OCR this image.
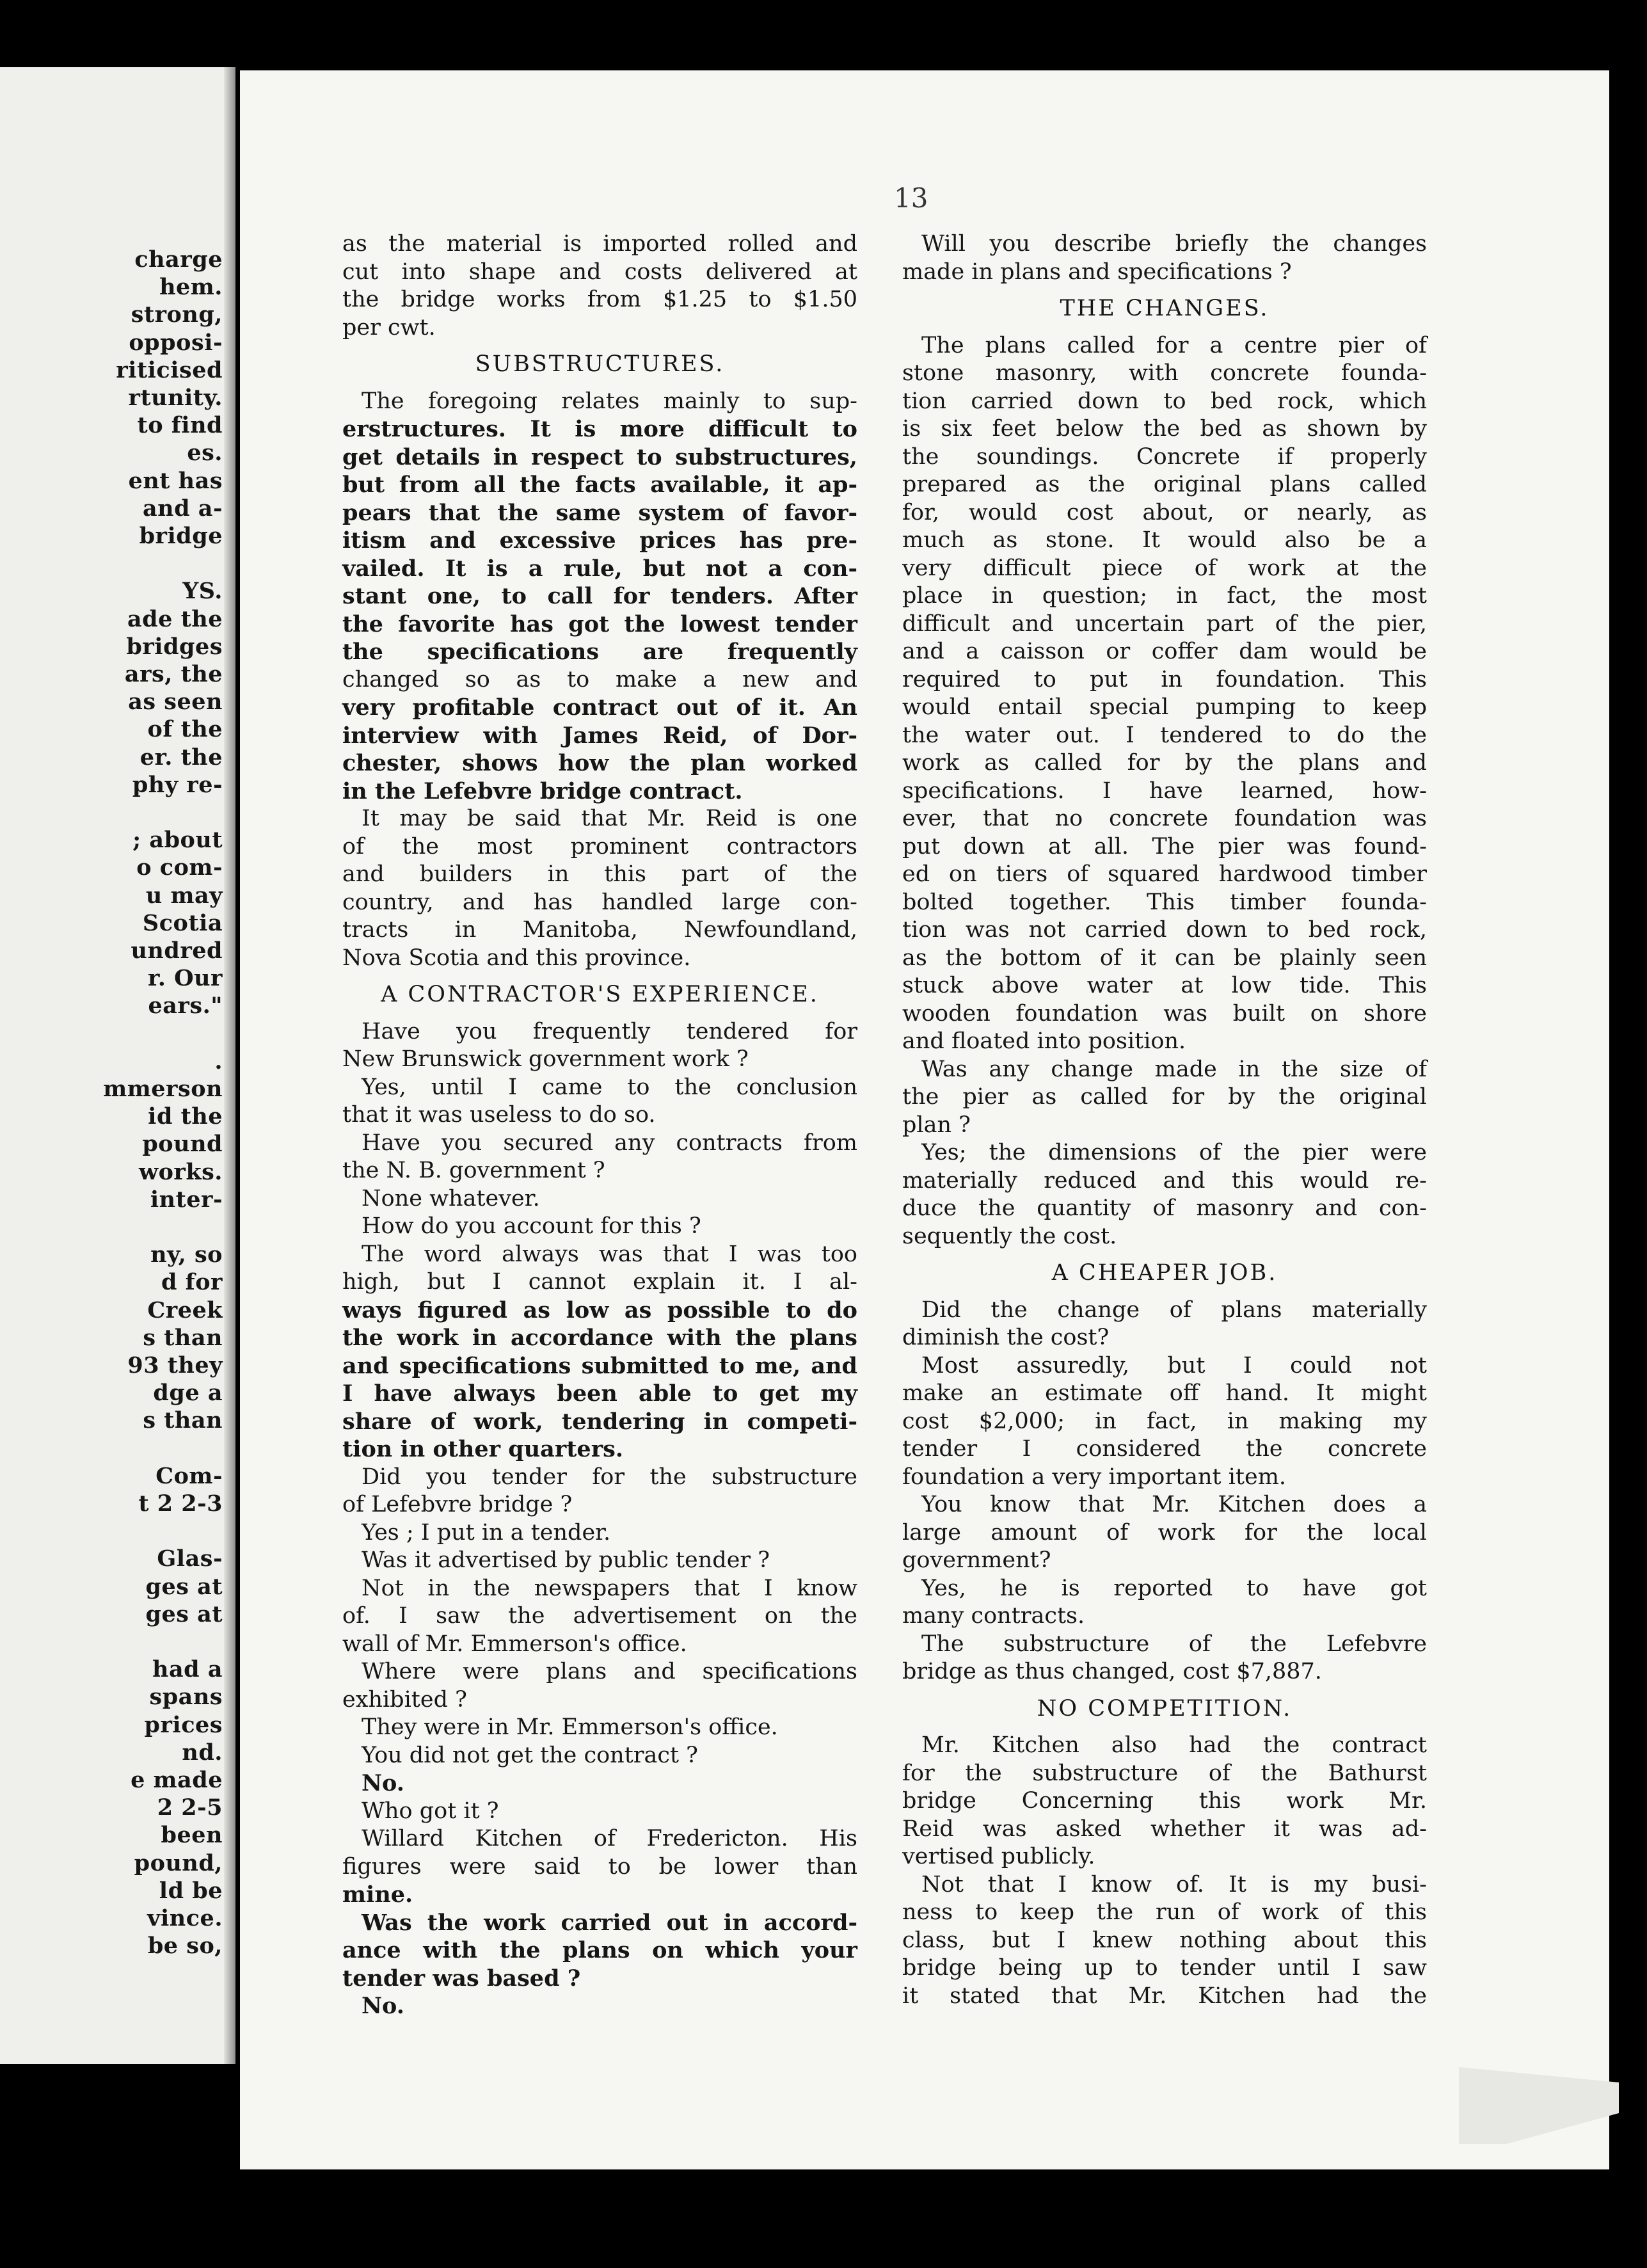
charge
hem.
strong,
opposi-
riticised
rtunity.
to find
es.
ent has
and a-
bridge
YS.
ade the
bridges
ars, the
as seen
of the
er. the
phy re-
; about
o com-
u may
Scotia
undred
r. Our
ears."
.
mmerson
id the
pound
works.
inter-
ny, so
d for
Creek
s than
93 they
dge a
s than
Com-
t 2 2-3
Glas-
ges at
ges at
had a
spans
prices
nd.
e made
2 2-5
been
pound,
ld be
vince.
be so,
13
as the material is imported rolled and
cut into shape and costs delivered at
the bridge works from $1.25 to $1.50
per cwt.
SUBSTRUCTURES.
The foregoing relates mainly to sup-
erstructures. It is more difficult to
get details in respect to substructures,
but from all the facts available, it ap-
pears that the same system of favor-
itism and excessive prices has pre-
vailed. It is a rule, but not a con-
stant one, to call for tenders. After
the favorite has got the lowest tender
the specifications are frequently
changed so as to make a new and
very profitable contract out of it. An
interview with James Reid, of Dor-
chester, shows how the plan worked
in the Lefebvre bridge contract.
It may be said that Mr. Reid is one
of the most prominent contractors
and builders in this part of the
country, and has handled large con-
tracts in Manitoba, Newfoundland,
Nova Scotia and this province.
A CONTRACTOR'S EXPERIENCE.
Have you frequently tendered for
New Brunswick government work ?
Yes, until I came to the conclusion
that it was useless to do so.
Have you secured any contracts from
the N. B. government ?
None whatever.
How do you account for this ?
The word always was that I was too
high, but I cannot explain it. I al-
ways figured as low as possible to do
the work in accordance with the plans
and specifications submitted to me, and
I have always been able to get my
share of work, tendering in competi-
tion in other quarters.
Did you tender for the substructure
of Lefebvre bridge ?
Yes ; I put in a tender.
Was it advertised by public tender ?
Not in the newspapers that I know
of. I saw the advertisement on the
wall of Mr. Emmerson's office.
Where were plans and specifications
exhibited ?
They were in Mr. Emmerson's office.
You did not get the contract ?
No.
Who got it ?
Willard Kitchen of Fredericton. His
figures were said to be lower than
mine.
Was the work carried out in accord-
ance with the plans on which your
tender was based ?
No.
Will you describe briefly the changes
made in plans and specifications ?
THE CHANGES.
The plans called for a centre pier of
stone masonry, with concrete founda-
tion carried down to bed rock, which
is six feet below the bed as shown by
the soundings. Concrete if properly
prepared as the original plans called
for, would cost about, or nearly, as
much as stone. It would also be a
very difficult piece of work at the
place in question; in fact, the most
difficult and uncertain part of the pier,
and a caisson or coffer dam would be
required to put in foundation. This
would entail special pumping to keep
the water out. I tendered to do the
work as called for by the plans and
specifications. I have learned, how-
ever, that no concrete foundation was
put down at all. The pier was found-
ed on tiers of squared hardwood timber
bolted together. This timber founda-
tion was not carried down to bed rock,
as the bottom of it can be plainly seen
stuck above water at low tide. This
wooden foundation was built on shore
and floated into position.
Was any change made in the size of
the pier as called for by the original
plan ?
Yes; the dimensions of the pier were
materially reduced and this would re-
duce the quantity of masonry and con-
sequently the cost.
A CHEAPER JOB.
Did the change of plans materially
diminish the cost?
Most assuredly, but I could not
make an estimate off hand. It might
cost $2,000; in fact, in making my
tender I considered the concrete
foundation a very important item.
You know that Mr. Kitchen does a
large amount of work for the local
government?
Yes, he is reported to have got
many contracts.
The substructure of the Lefebvre
bridge as thus changed, cost $7,887.
NO COMPETITION.
Mr. Kitchen also had the contract
for the substructure of the Bathurst
bridge Concerning this work Mr.
Reid was asked whether it was ad-
vertised publicly.
Not that I know of. It is my busi-
ness to keep the run of work of this
class, but I knew nothing about this
bridge being up to tender until I saw
it stated that Mr. Kitchen had the
